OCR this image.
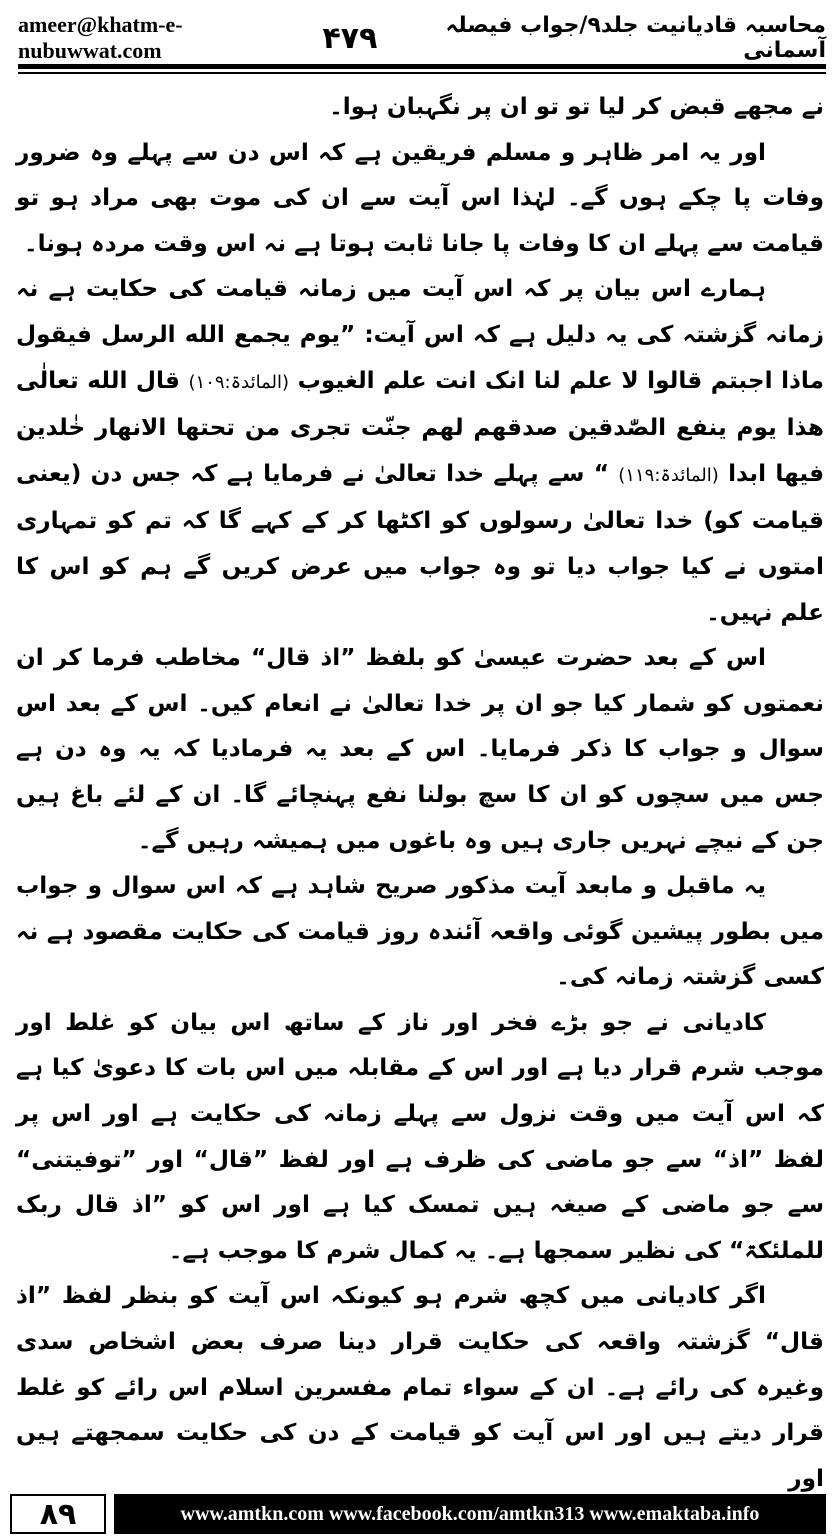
ameer@khatm-e-nubuwwat.com	۴۷۹	محاسبہ قادیانیت جلد۹/جواب فیصلہ آسمانی

نے مجھے قبض کر لیا تو تو ان پر نگہبان ہوا۔

اور یہ امر ظاہر و مسلم فریقین ہے کہ اس دن سے پہلے وہ ضرور وفات پا چکے ہوں گے۔ لہٰذا اس آیت سے ان کی موت بھی مراد ہو تو قیامت سے پہلے ان کا وفات پا جانا ثابت ہوتا ہے نہ اس وقت مردہ ہونا۔

ہمارے اس بیان پر کہ اس آیت میں زمانہ قیامت کی حکایت ہے نہ زمانہ گزشتہ کی یہ دلیل ہے کہ اس آیت: ”یوم یجمع الله الرسل فیقول ماذا اجبتم قالوا لا علم لنا انک انت علم الغیوب (المائدۃ:۱۰۹) قال الله تعالٰی هذا یوم ینفع الصّٰدقین صدقهم لهم جنّت تجری من تحتها الانهار خٰلدین فیها ابدا (المائدۃ:۱۱۹) “ سے پہلے خدا تعالیٰ نے فرمایا ہے کہ جس دن (یعنی قیامت کو) خدا تعالیٰ رسولوں کو اکٹھا کر کے کہے گا کہ تم کو تمہاری امتوں نے کیا جواب دیا تو وہ جواب میں عرض کریں گے ہم کو اس کا علم نہیں۔

اس کے بعد حضرت عیسیٰ کو بلفظ ”اذ قال“ مخاطب فرما کر ان نعمتوں کو شمار کیا جو ان پر خدا تعالیٰ نے انعام کیں۔ اس کے بعد اس سوال و جواب کا ذکر فرمایا۔ اس کے بعد یہ فرمادیا کہ یہ وہ دن ہے جس میں سچوں کو ان کا سچ بولنا نفع پہنچائے گا۔ ان کے لئے باغ ہیں جن کے نیچے نہریں جاری ہیں وہ باغوں میں ہمیشہ رہیں گے۔

یہ ماقبل و مابعد آیت مذکور صریح شاہد ہے کہ اس سوال و جواب میں بطور پیشین گوئی واقعہ آئندہ روز قیامت کی حکایت مقصود ہے نہ کسی گزشتہ زمانہ کی۔

کادیانی نے جو بڑے فخر اور ناز کے ساتھ اس بیان کو غلط اور موجب شرم قرار دیا ہے اور اس کے مقابلہ میں اس بات کا دعویٰ کیا ہے کہ اس آیت میں وقت نزول سے پہلے زمانہ کی حکایت ہے اور اس پر لفظ ”اذ“ سے جو ماضی کی ظرف ہے اور لفظ ”قال“ اور ”توفیتنی“ سے جو ماضی کے صیغہ ہیں تمسک کیا ہے اور اس کو ”اذ قال ربک للملئکۃ“ کی نظیر سمجھا ہے۔ یہ کمال شرم کا موجب ہے۔

اگر کادیانی میں کچھ شرم ہو کیونکہ اس آیت کو بنظر لفظ ”اذ قال“ گزشتہ واقعہ کی حکایت قرار دینا صرف بعض اشخاص سدی وغیرہ کی رائے ہے۔ ان کے سواء تمام مفسرین اسلام اس رائے کو غلط قرار دیتے ہیں اور اس آیت کو قیامت کے دن کی حکایت سمجھتے ہیں اور

۸۹	www.amtkn.com www.facebook.com/amtkn313 www.emaktaba.info
